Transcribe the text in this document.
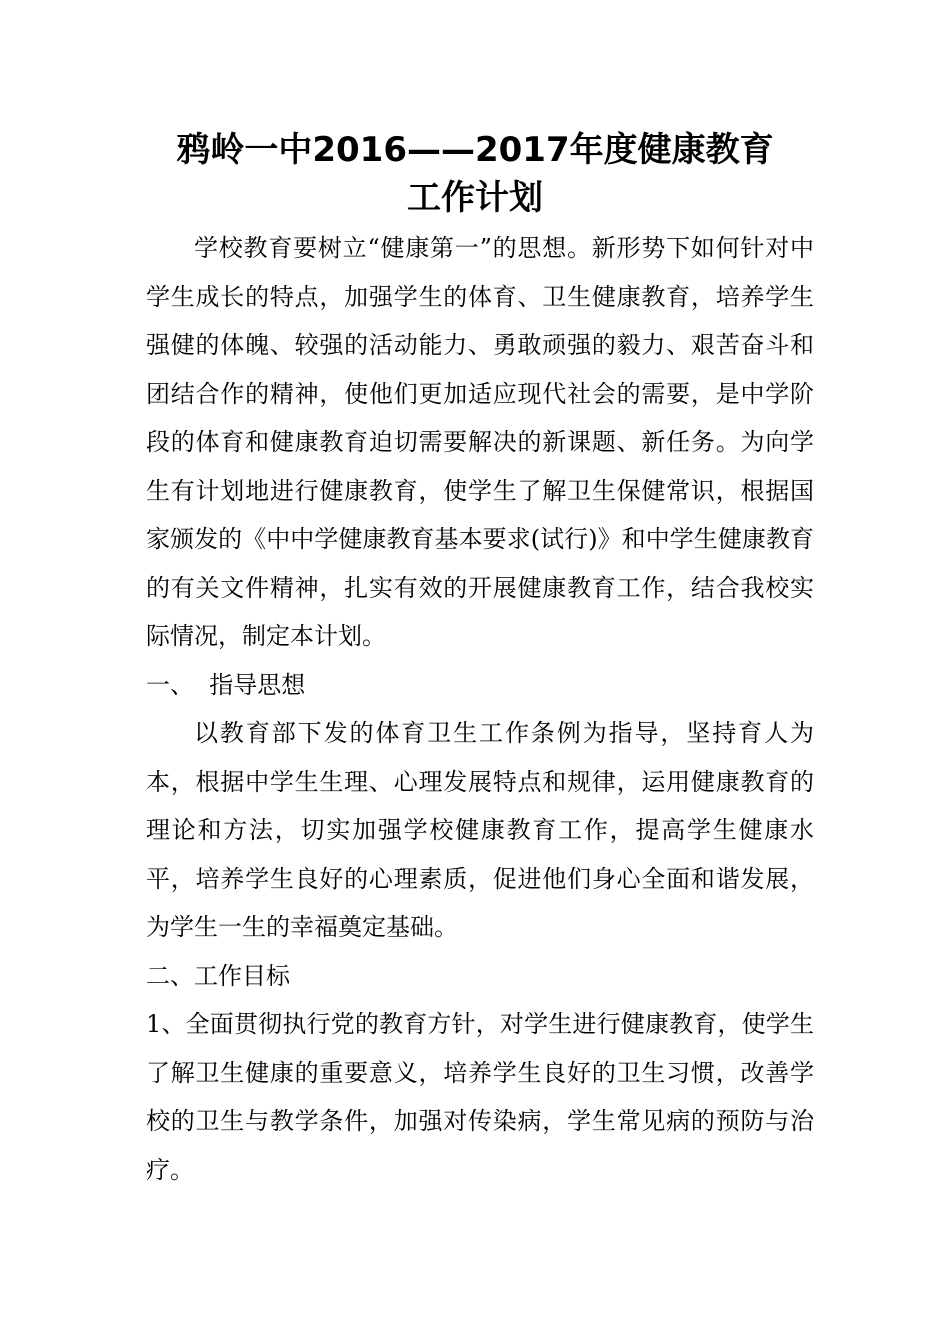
鸦岭一中2016——2017年度健康教育
工作计划

学校教育要树立“健康第一”的思想。新形势下如何针对中学生成长的特点，加强学生的体育、卫生健康教育，培养学生强健的体魄、较强的活动能力、勇敢顽强的毅力、艰苦奋斗和团结合作的精神，使他们更加适应现代社会的需要，是中学阶段的体育和健康教育迫切需要解决的新课题、新任务。为向学生有计划地进行健康教育，使学生了解卫生保健常识，根据国家颁发的《中中学健康教育基本要求(试行)》和中学生健康教育的有关文件精神，扎实有效的开展健康教育工作，结合我校实际情况，制定本计划。

一、  指导思想

以教育部下发的体育卫生工作条例为指导，坚持育人为本，根据中学生生理、心理发展特点和规律，运用健康教育的理论和方法，切实加强学校健康教育工作，提高学生健康水平，培养学生良好的心理素质，促进他们身心全面和谐发展，为学生一生的幸福奠定基础。

二、工作目标

1、全面贯彻执行党的教育方针，对学生进行健康教育，使学生了解卫生健康的重要意义，培养学生良好的卫生习惯，改善学校的卫生与教学条件，加强对传染病，学生常见病的预防与治疗。
